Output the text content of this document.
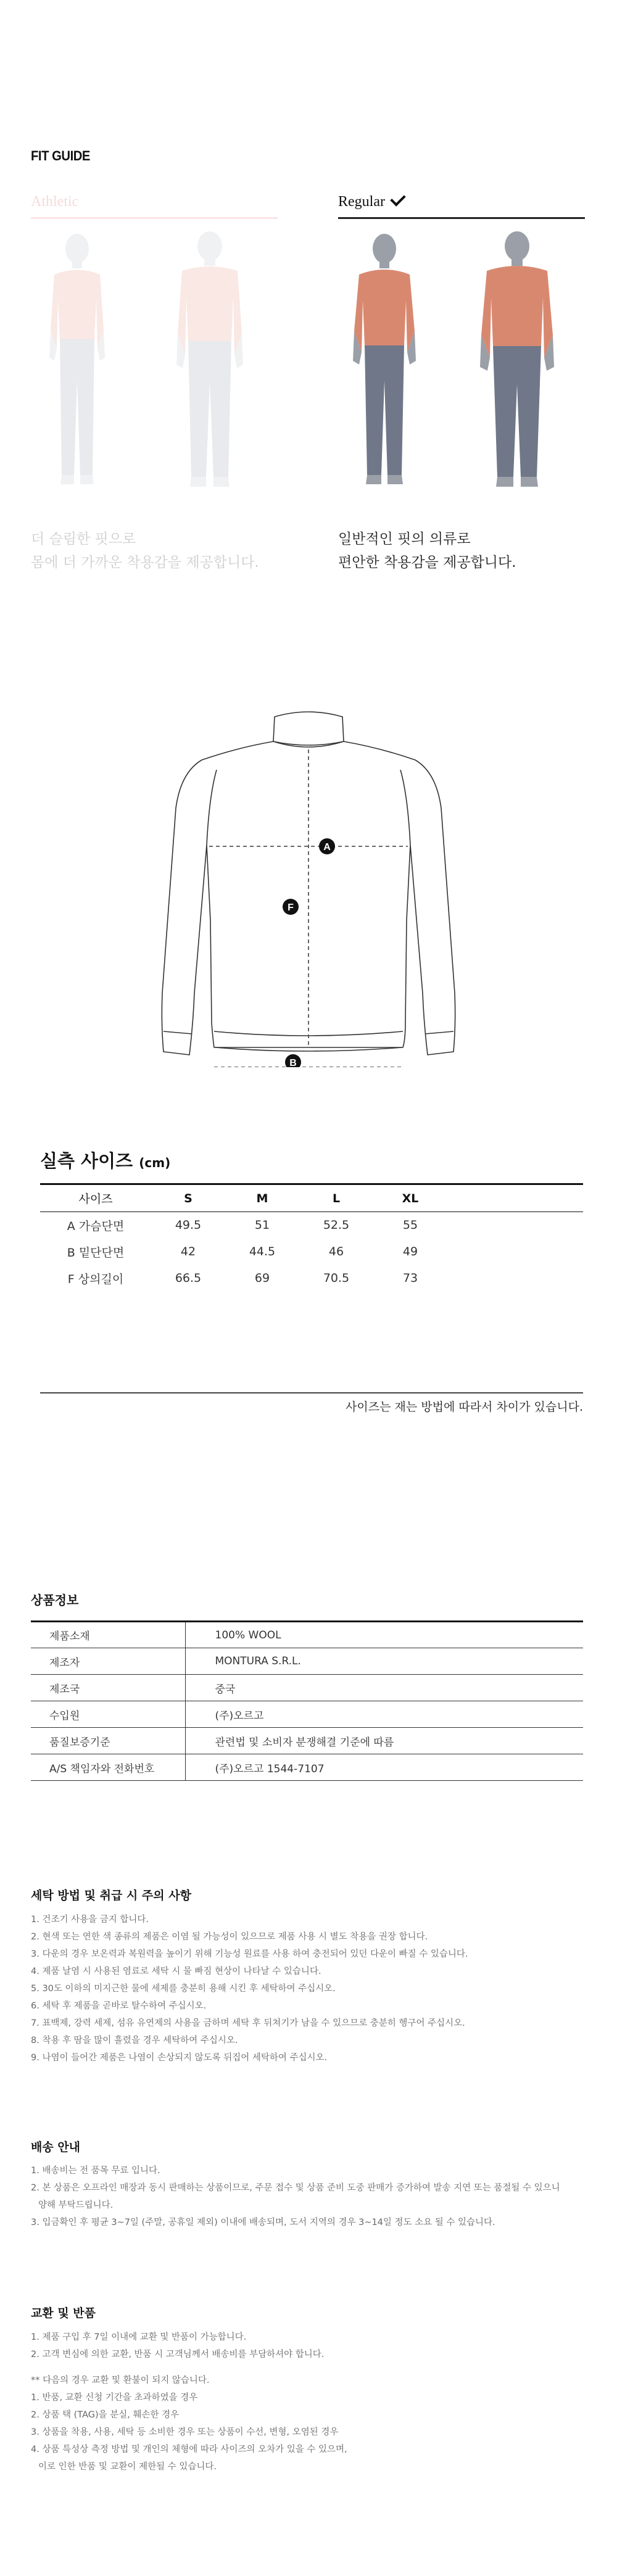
FIT GUIDE
Athletic
더 슬림한 핏으로
몸에 더 가까운 착용감을 제공합니다.
Regular
일반적인 핏의 의류로
편안한 착용감을 제공합니다.
A
F
B
실측 사이즈 (cm)
사이즈	S	M	L	XL	
A 가슴단면	49.5	51	52.5	55	
B 밑단단면	42	44.5	46	49	
F 상의길이	66.5	69	70.5	73	
사이즈는 재는 방법에 따라서 차이가 있습니다.
상품정보
제품소재	100% WOOL
제조자	MONTURA S.R.L.
제조국	중국
수입원	(주)오르고
품질보증기준	관련법 및 소비자 분쟁해결 기준에 따름
A/S 책임자와 전화번호	(주)오르고 1544-7107
세탁 방법 및 취급 시 주의 사항
1. 건조기 사용을 금지 합니다.
2. 현색 또는 연한 색 종류의 제품은 이염 될 가능성이 있으므로 제품 사용 시 별도 착용을 권장 합니다.
3. 다운의 경우 보온력과 복원력을 높이기 위해 기능성 원료를 사용 하여 충전되어 있던 다운이 빠질 수 있습니다.
4. 제품 날염 시 사용된 염료로 세탁 시 물 빠짐 현상이 나타날 수 있습니다.
5. 30도 이하의 미지근한 물에 세제를 충분히 용해 시킨 후 세탁하여 주십시오.
6. 세탁 후 제품을 곧바로 탈수하여 주십시오.
7. 표백제, 강력 세제, 섬유 유연제의 사용을 금하며 세탁 후 뒤쳐기가 남을 수 있으므로 충분히 헹구어 주십시오.
8. 착용 후 땀을 많이 흘렸을 경우 세탁하여 주십시오.
9. 나염이 들어간 제품은 나염이 손상되지 않도록 뒤집어 세탁하여 주십시오.
배송 안내
1. 배송비는 전 품목 무료 입니다.
2. 본 상품은 오프라인 매장과 동시 판매하는 상품이므로, 주문 접수 및 상품 준비 도중 판매가 증가하여 발송 지연 또는 품절될 수 있으니
양해 부탁드립니다.
3. 입금확인 후 평균 3~7일 (주말, 공휴일 제외) 이내에 배송되며, 도서 지역의 경우 3~14일 정도 소요 될 수 있습니다.
교환 및 반품
1. 제품 구입 후 7일 이내에 교환 및 반품이 가능합니다.
2. 고객 변심에 의한 교환, 반품 시 고객님께서 배송비를 부담하셔야 합니다.
** 다음의 경우 교환 및 환불이 되지 않습니다.
1. 반품, 교환 신청 기간을 초과하였을 경우
2. 상품 택 (TAG)을 분실, 훼손한 경우
3. 상품을 착용, 사용, 세탁 등 소비한 경우 또는 상품이 수선, 변형, 오염된 경우
4. 상품 특성상 측정 방법 및 개인의 체형에 따라 사이즈의 오차가 있을 수 있으며,
이로 인한 반품 및 교환이 제한될 수 있습니다.
